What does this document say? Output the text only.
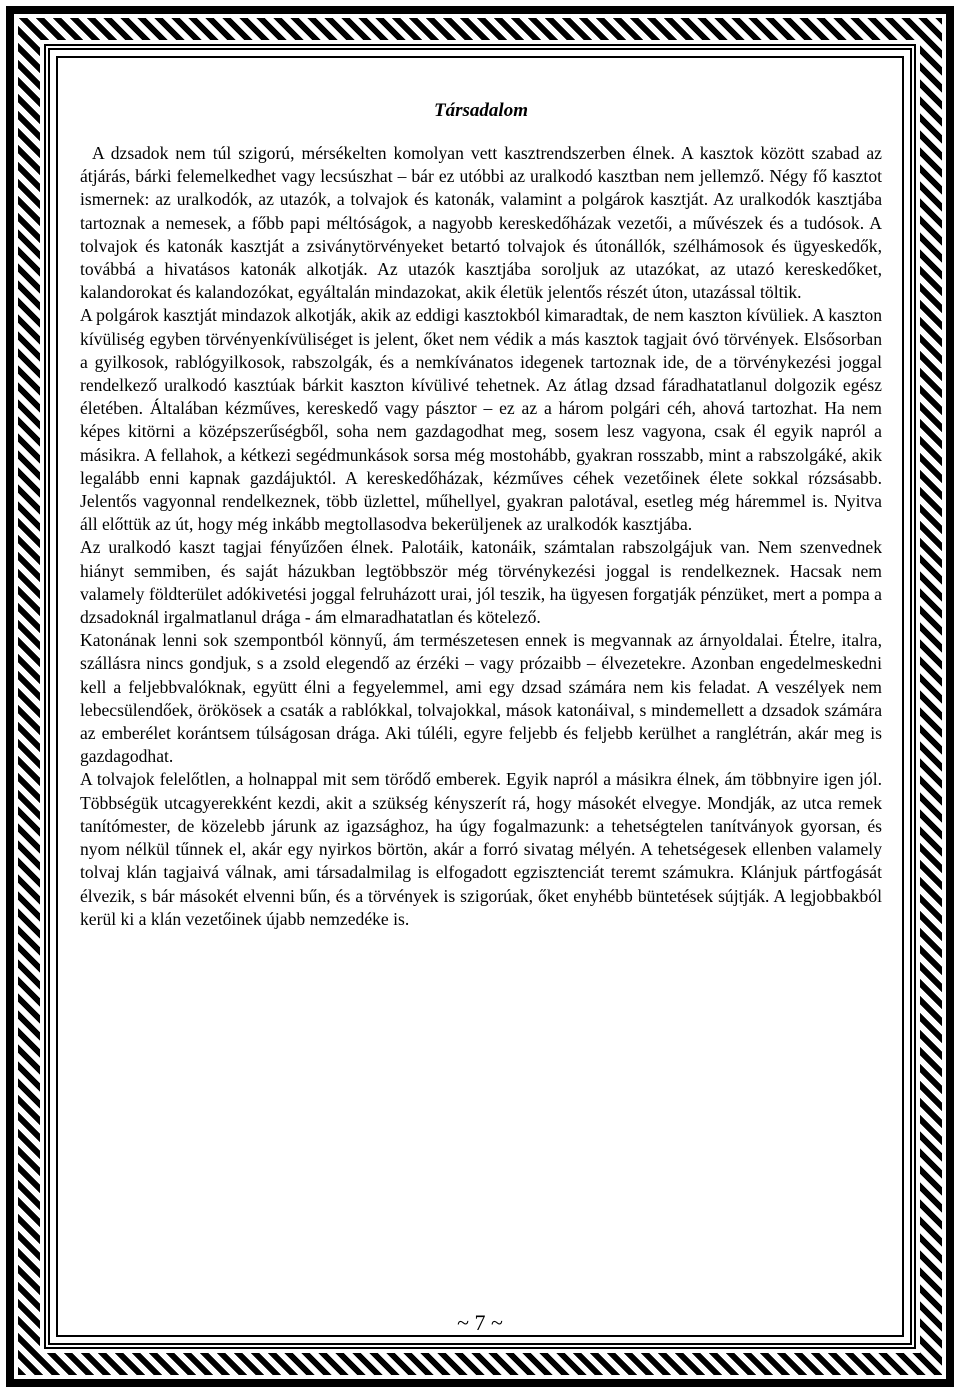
Társadalom

A dzsadok nem túl szigorú, mérsékelten komolyan vett kasztrendszerben élnek. A kasztok között szabad az átjárás, bárki felemelkedhet vagy lecsúszhat – bár ez utóbbi az uralkodó kasztban nem jellemző. Négy fő kasztot ismernek: az uralkodók, az utazók, a tolvajok és katonák, valamint a polgárok kasztját. Az uralkodók kasztjába tartoznak a nemesek, a főbb papi méltóságok, a nagyobb kereskedőházak vezetői, a művészek és a tudósok. A tolvajok és katonák kasztját a zsiványtörvényeket betartó tolvajok és útonállók, szélhámosok és ügyeskedők, továbbá a hivatásos katonák alkotják. Az utazók kasztjába soroljuk az utazókat, az utazó kereskedőket, kalandorokat és kalandozókat, egyáltalán mindazokat, akik életük jelentős részét úton, utazással töltik.

A polgárok kasztját mindazok alkotják, akik az eddigi kasztokból kimaradtak, de nem kaszton kívüliek. A kaszton kívüliség egyben törvényenkívüliséget is jelent, őket nem védik a más kasztok tagjait óvó törvények. Elsősorban a gyilkosok, rablógyilkosok, rabszolgák, és a nemkívánatos idegenek tartoznak ide, de a törvénykezési joggal rendelkező uralkodó kasztúak bárkit kaszton kívülivé tehetnek. Az átlag dzsad fáradhatatlanul dolgozik egész életében. Általában kézműves, kereskedő vagy pásztor – ez az a három polgári céh, ahová tartozhat. Ha nem képes kitörni a középszerűségből, soha nem gazdagodhat meg, sosem lesz vagyona, csak él egyik napról a másikra. A fellahok, a kétkezi segédmunkások sorsa még mostohább, gyakran rosszabb, mint a rabszolgáké, akik legalább enni kapnak gazdájuktól. A kereskedőházak, kézműves céhek vezetőinek élete sokkal rózsásabb. Jelentős vagyonnal rendelkeznek, több üzlettel, műhellyel, gyakran palotával, esetleg még háremmel is. Nyitva áll előttük az út, hogy még inkább megtollasodva bekerüljenek az uralkodók kasztjába.

Az uralkodó kaszt tagjai fényűzően élnek. Palotáik, katonáik, számtalan rabszolgájuk van. Nem szenvednek hiányt semmiben, és saját házukban legtöbbször még törvénykezési joggal is rendelkeznek. Hacsak nem valamely földterület adókivetési joggal felruházott urai, jól teszik, ha ügyesen forgatják pénzüket, mert a pompa a dzsadoknál irgalmatlanul drága - ám elmaradhatatlan és kötelező.

Katonának lenni sok szempontból könnyű, ám természetesen ennek is megvannak az árnyoldalai. Ételre, italra, szállásra nincs gondjuk, s a zsold elegendő az érzéki – vagy prózaibb – élvezetekre. Azonban engedelmeskedni kell a feljebbvalóknak, együtt élni a fegyelemmel, ami egy dzsad számára nem kis feladat. A veszélyek nem lebecsülendőek, örökösek a csaták a rablókkal, tolvajokkal, mások katonáival, s mindemellett a dzsadok számára az emberélet korántsem túlságosan drága. Aki túléli, egyre feljebb és feljebb kerülhet a ranglétrán, akár meg is gazdagodhat.

A tolvajok felelőtlen, a holnappal mit sem törődő emberek. Egyik napról a másikra élnek, ám többnyire igen jól. Többségük utcagyerekként kezdi, akit a szükség kényszerít rá, hogy másokét elvegye. Mondják, az utca remek tanítómester, de közelebb járunk az igazsághoz, ha úgy fogalmazunk: a tehetségtelen tanítványok gyorsan, és nyom nélkül tűnnek el, akár egy nyirkos börtön, akár a forró sivatag mélyén. A tehetségesek ellenben valamely tolvaj klán tagjaivá válnak, ami társadalmilag is elfogadott egzisztenciát teremt számukra. Klánjuk pártfogását élvezik, s bár másokét elvenni bűn, és a törvények is szigorúak, őket enyhébb büntetések sújtják. A legjobbakból kerül ki a klán vezetőinek újabb nemzedéke is.

~ 7 ~
